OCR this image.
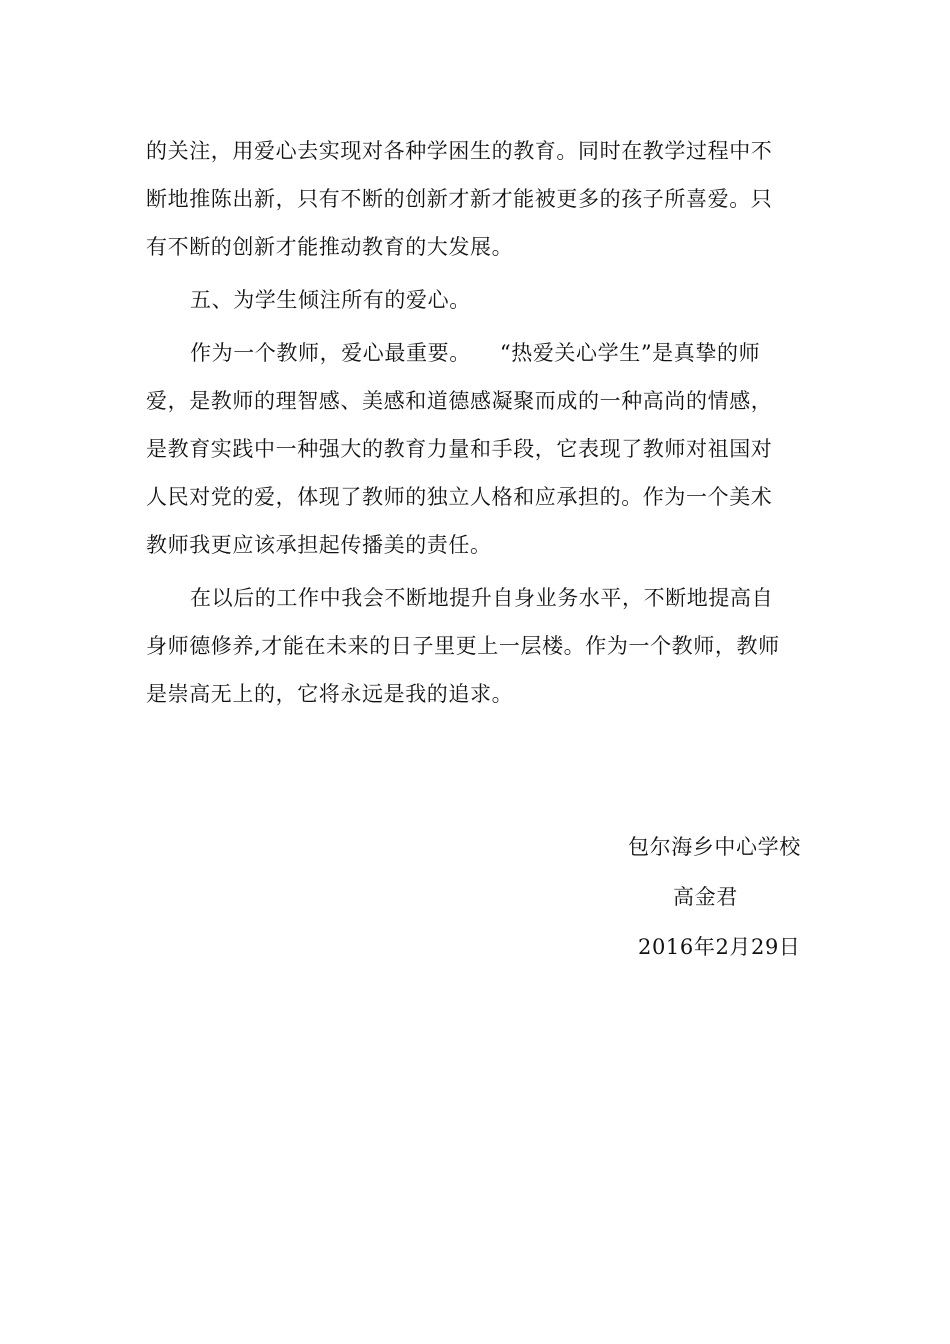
的关注，用爱心去实现对各种学困生的教育。同时在教学过程中不
断地推陈出新，只有不断的创新才新才能被更多的孩子所喜爱。只
有不断的创新才能推动教育的大发展。
五、为学生倾注所有的爱心。
作为一个教师，爱心最重要。    “热爱关心学生”是真挚的师
爱，是教师的理智感、美感和道德感凝聚而成的一种高尚的情感，
是教育实践中一种强大的教育力量和手段，它表现了教师对祖国对
人民对党的爱，体现了教师的独立人格和应承担的。作为一个美术
教师我更应该承担起传播美的责任。
在以后的工作中我会不断地提升自身业务水平，不断地提高自
身师德修养,才能在未来的日子里更上一层楼。作为一个教师，教师
是崇高无上的，它将永远是我的追求。
包尔海乡中心学校
高金君
2016年2月29日
